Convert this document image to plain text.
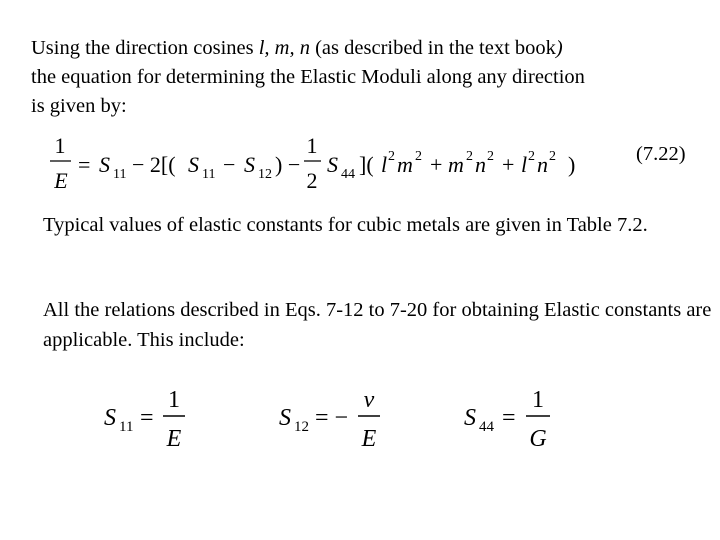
Using the direction cosines l, m, n (as described in the text book)
the equation for determining the Elastic Moduli along any direction
is given by:
1
E
= S 11 − 2[( S 11 − S 12 ) −
1
2
S 44 ]( l 2 m 2 + m 2 n 2 + l 2 n 2 )	(7.22)
Typical values of elastic constants for cubic metals are given in Table 7.2.
All the relations described in Eqs. 7-12 to 7-20 for obtaining Elastic constants are applicable. This include:
S 11 =
1
E
S 12 = −
ν
E
S 44 =
1
G
